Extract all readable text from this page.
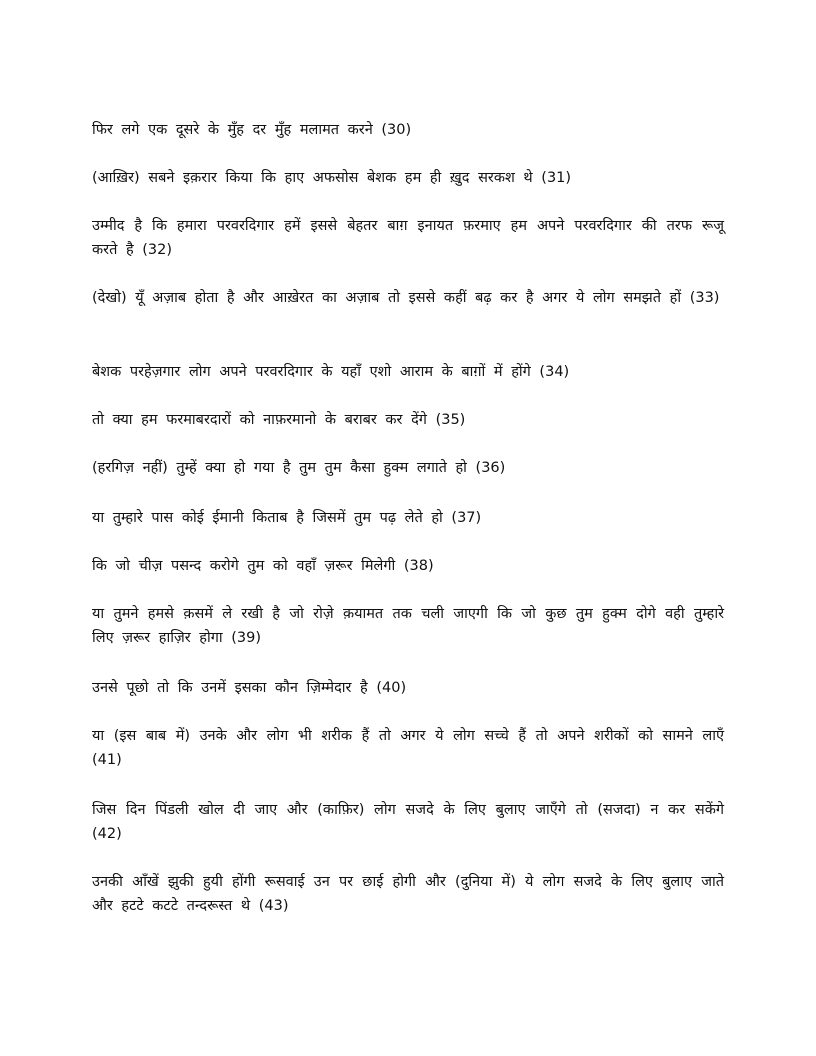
फिर लगे एक दूसरे के मुँह दर मुँह मलामत करने (30)

(आख़िर) सबने इक़रार किया कि हाए अफसोस बेशक हम ही ख़ुद सरकश थे (31)

उम्मीद है कि हमारा परवरदिगार हमें इससे बेहतर बाग़ इनायत फ़रमाए हम अपने परवरदिगार की तरफ रूजू करते है (32)

(देखो) यूँ अज़ाब होता है और आख़ेरत का अज़ाब तो इससे कहीं बढ़ कर है अगर ये लोग समझते हों (33)

बेशक परहेज़गार लोग अपने परवरदिगार के यहाँ एशो आराम के बाग़ों में होंगे (34)

तो क्या हम फरमाबरदारों को नाफ़रमानो के बराबर कर देंगे (35)

(हरगिज़ नहीं) तुम्हें क्या हो गया है तुम तुम कैसा हुक्म लगाते हो (36)

या तुम्हारे पास कोई ईमानी किताब है जिसमें तुम पढ़ लेते हो (37)

कि जो चीज़ पसन्द करोगे तुम को वहाँ ज़रूर मिलेगी (38)

या तुमने हमसे क़समें ले रखी है जो रोज़े क़यामत तक चली जाएगी कि जो कुछ तुम हुक्म दोगे वही तुम्हारे लिए ज़रूर हाज़िर होगा (39)

उनसे पूछो तो कि उनमें इसका कौन ज़िम्मेदार है (40)

या (इस बाब में) उनके और लोग भी शरीक हैं तो अगर ये लोग सच्चे हैं तो अपने शरीकों को सामने लाएँ (41)

जिस दिन पिंडली खोल दी जाए और (काफ़िर) लोग सजदे के लिए बुलाए जाएँगे तो (सजदा) न कर सकेंगे (42)

उनकी आँखें झुकी हुयी होंगी रूसवाई उन पर छाई होगी और (दुनिया में) ये लोग सजदे के लिए बुलाए जाते और हटटे कटटे तन्दरूस्त थे (43)
